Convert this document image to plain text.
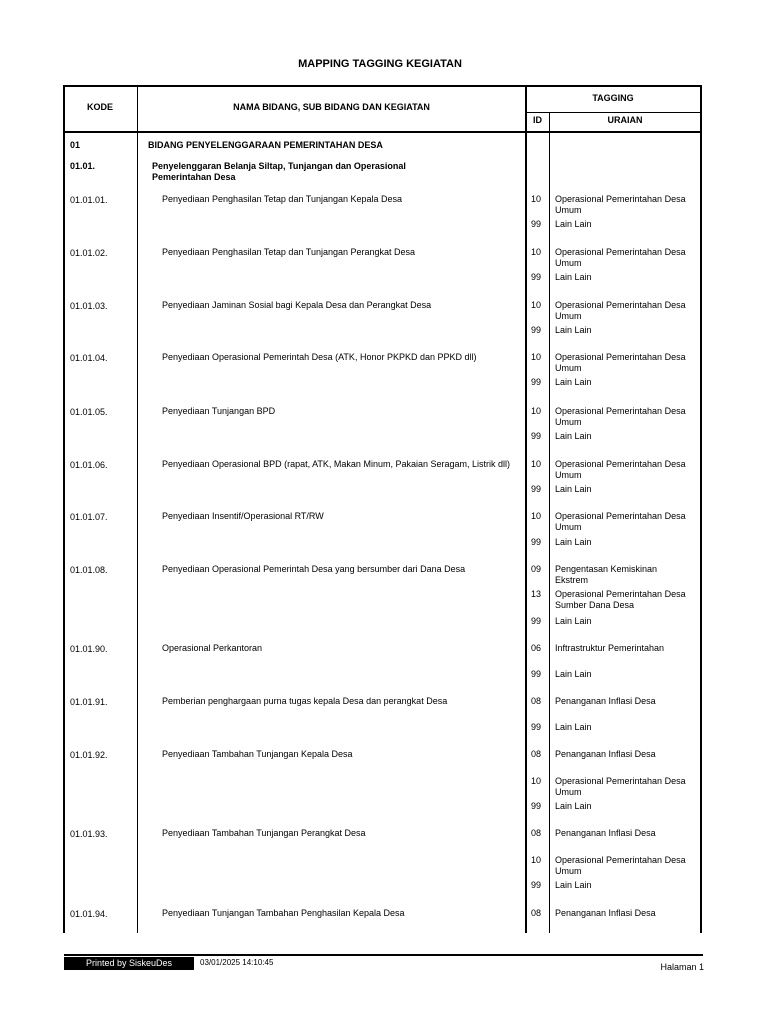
MAPPING TAGGING KEGIATAN
KODE	NAMA BIDANG, SUB BIDANG DAN KEGIATAN
TAGGING
ID	URAIAN
01	BIDANG PENYELENGGARAAN PEMERINTAHAN DESA
01.01.	Penyelenggaran Belanja Siltap, Tunjangan dan Operasional Pemerintahan Desa
01.01.01.	Penyediaan Penghasilan Tetap dan Tunjangan Kepala Desa	10	Operasional Pemerintahan Desa Umum
99	Lain Lain
01.01.02.	Penyediaan Penghasilan Tetap dan Tunjangan Perangkat Desa	10	Operasional Pemerintahan Desa Umum
99	Lain Lain
01.01.03.	Penyediaan Jaminan Sosial bagi Kepala Desa dan Perangkat Desa	10	Operasional Pemerintahan Desa Umum
99	Lain Lain
01.01.04.	Penyediaan Operasional Pemerintah Desa (ATK, Honor PKPKD dan PPKD dll)	10	Operasional Pemerintahan Desa Umum
99	Lain Lain
01.01.05.	Penyediaan Tunjangan BPD	10	Operasional Pemerintahan Desa Umum
99	Lain Lain
01.01.06.	Penyediaan Operasional BPD (rapat, ATK, Makan Minum, Pakaian Seragam, Listrik dll)	10	Operasional Pemerintahan Desa Umum
99	Lain Lain
01.01.07.	Penyediaan Insentif/Operasional RT/RW	10	Operasional Pemerintahan Desa Umum
99	Lain Lain
01.01.08.	Penyediaan Operasional Pemerintah Desa yang bersumber dari Dana Desa	09	Pengentasan Kemiskinan Ekstrem
13	Operasional Pemerintahan Desa Sumber Dana Desa
99	Lain Lain
01.01.90.	Operasional Perkantoran	06	Inftrastruktur Pemerintahan
99	Lain Lain
01.01.91.	Pemberian penghargaan purna tugas kepala Desa dan perangkat Desa	08	Penanganan Inflasi Desa
99	Lain Lain
01.01.92.	Penyediaan Tambahan Tunjangan Kepala Desa	08	Penanganan Inflasi Desa
10	Operasional Pemerintahan Desa Umum
99	Lain Lain
01.01.93.	Penyediaan Tambahan Tunjangan Perangkat Desa	08	Penanganan Inflasi Desa
10	Operasional Pemerintahan Desa Umum
99	Lain Lain
01.01.94.	Penyediaan Tunjangan Tambahan Penghasilan Kepala Desa	08	Penanganan Inflasi Desa
Printed by SiskeuDes	03/01/2025 14:10:45	Halaman 1
